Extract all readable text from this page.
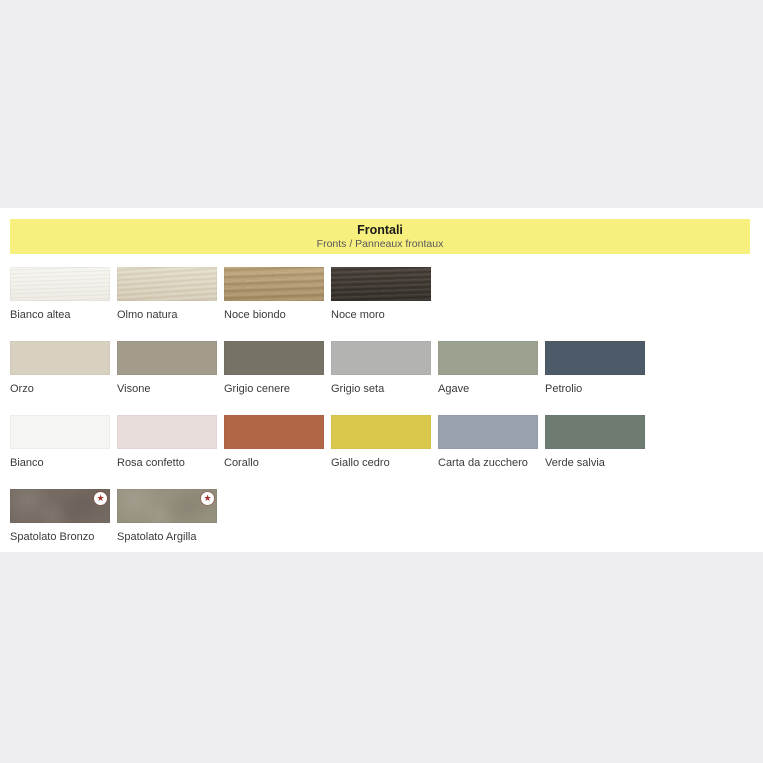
Frontali
Fronts / Panneaux frontaux
Bianco altea	Olmo natura	Noce biondo	Noce moro
Orzo	Visone	Grigio cenere	Grigio seta	Agave	Petrolio
Bianco	Rosa confetto	Corallo	Giallo cedro	Carta da zucchero	Verde salvia
★
Spatolato Bronzo
★
Spatolato Argilla
